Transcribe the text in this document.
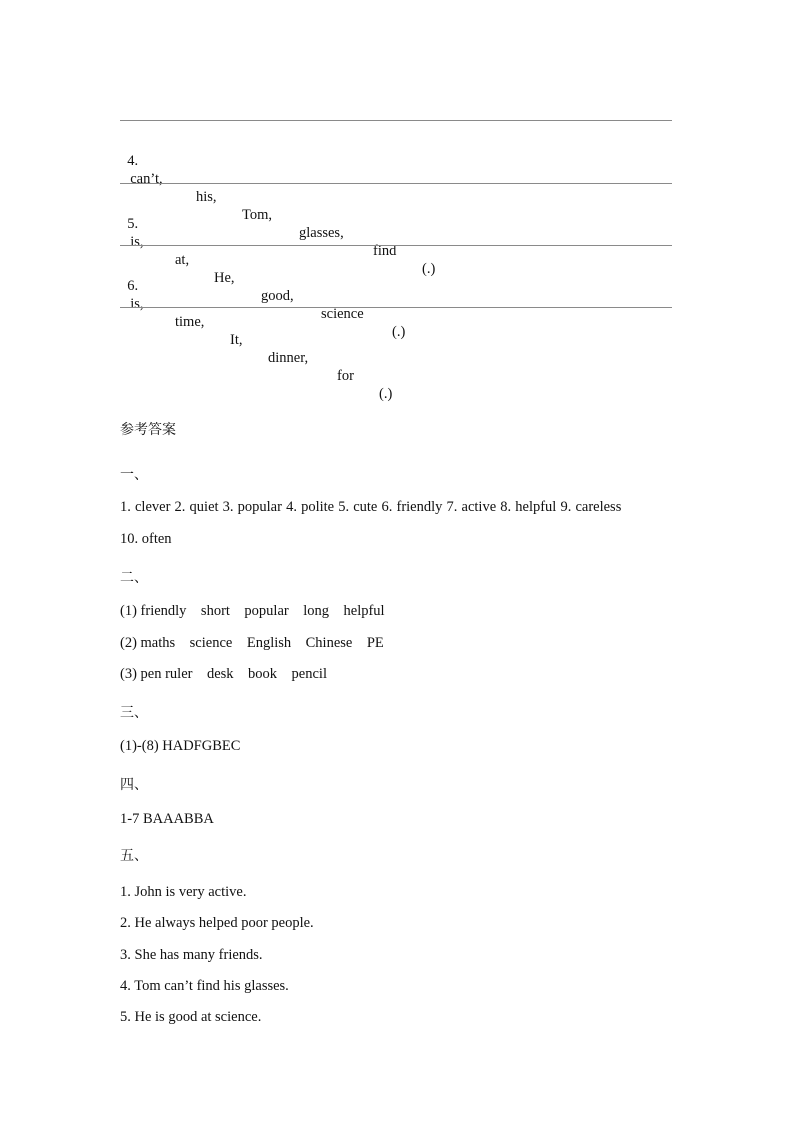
4.
can’t,

his,

Tom,

glasses,

find

(.)

5.
is,

at,

He,

good,

science

(.)

6.
is,

time,

It,

dinner,

for

(.)

参考答案
一、
1. clever 2. quiet 3. popular 4. polite 5. cute 6. friendly 7. active 8. helpful 9. careless
10. often
二、
(1) friendly    short    popular    long    helpful
(2) maths    science    English    Chinese    PE
(3) pen ruler    desk    book    pencil
三、
(1)-(8) HADFGBEC
四、
1-7 BAAABBA
五、
1. John is very active.
2. He always helped poor people.
3. She has many friends.
4. Tom can’t find his glasses.
5. He is good at science.
